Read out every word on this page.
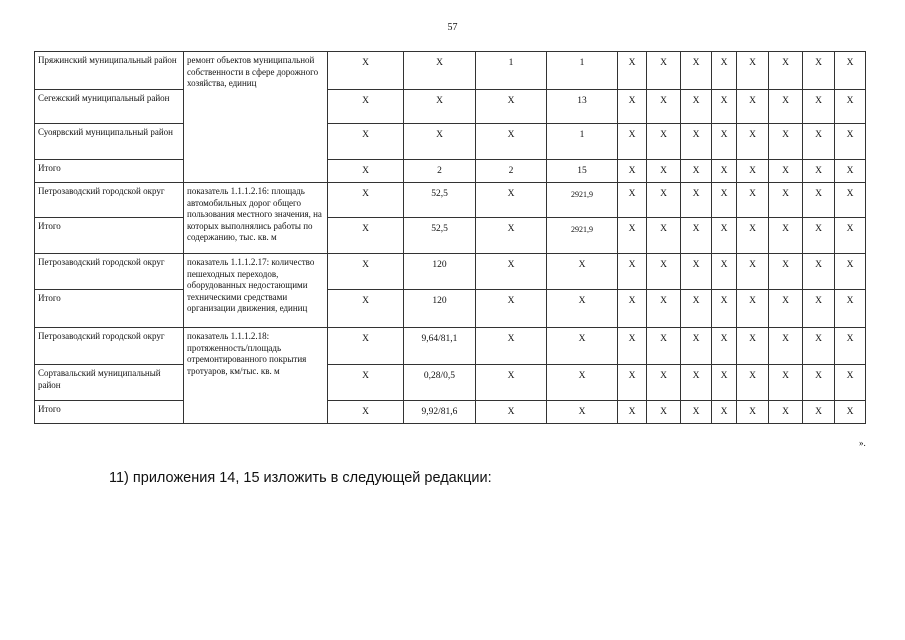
57
Пряжинский муниципальный район	ремонт объектов муниципальной собственности в сфере дорожного хозяйства, единиц	X	X	1	1	X	X	X	X	X	X	X	X
Сегежский муниципальный район		X	X	X	13	X	X	X	X	X	X	X	X
Суоярвский муниципальный район		X	X	X	1	X	X	X	X	X	X	X	X
Итого		X	2	2	15	X	X	X	X	X	X	X	X
Петрозаводский городской округ	показатель 1.1.1.2.16: площадь автомобильных дорог общего пользования местного значения, на которых выполнялись работы по содержанию, тыс. кв. м	X	52,5	X	2921,9	X	X	X	X	X	X	X	X
Итого		X	52,5	X	2921,9	X	X	X	X	X	X	X	X
Петрозаводский городской округ	показатель 1.1.1.2.17: количество пешеходных переходов, оборудованных недостающими техническими средствами организации движения, единиц	X	120	X	X	X	X	X	X	X	X	X	X
Итого		X	120	X	X	X	X	X	X	X	X	X	X
Петрозаводский городской округ	показатель 1.1.1.2.18: протяженность/площадь отремонтированного покрытия тротуаров, км/тыс. кв. м	X	9,64/81,1	X	X	X	X	X	X	X	X	X	X
Сортавальский муниципальный район		X	0,28/0,5	X	X	X	X	X	X	X	X	X	X
Итого		X	9,92/81,6	X	X	X	X	X	X	X	X	X	X
».
11) приложения 14, 15 изложить в следующей редакции:
